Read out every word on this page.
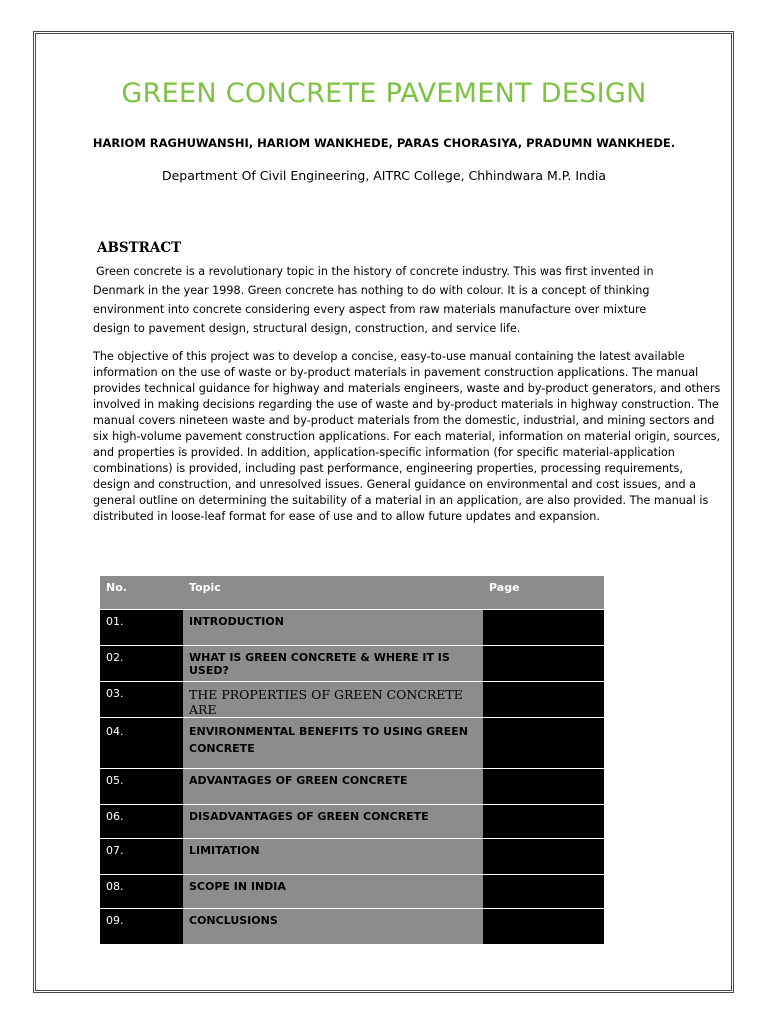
GREEN CONCRETE PAVEMENT DESIGN

HARIOM RAGHUWANSHI, HARIOM WANKHEDE, PARAS CHORASIYA, PRADUMN WANKHEDE.

Department Of Civil Engineering, AITRC College, Chhindwara M.P. India

ABSTRACT

Green concrete is a revolutionary topic in the history of concrete industry. This was first invented in Denmark in the year 1998. Green concrete has nothing to do with colour. It is a concept of thinking environment into concrete considering every aspect from raw materials manufacture over mixture design to pavement design, structural design, construction, and service life.

The objective of this project was to develop a concise, easy-to-use manual containing the latest available information on the use of waste or by-product materials in pavement construction applications. The manual provides technical guidance for highway and materials engineers, waste and by-product generators, and others involved in making decisions regarding the use of waste and by-product materials in highway construction. The manual covers nineteen waste and by-product materials from the domestic, industrial, and mining sectors and six high-volume pavement construction applications. For each material, information on material origin, sources, and properties is provided. In addition, application-specific information (for specific material-application combinations) is provided, including past performance, engineering properties, processing requirements, design and construction, and unresolved issues. General guidance on environmental and cost issues, and a general outline on determining the suitability of a material in an application, are also provided. The manual is distributed in loose-leaf format for ease of use and to allow future updates and expansion.

No.	Topic	Page
01.	INTRODUCTION	
02.	WHAT IS GREEN CONCRETE & WHERE IT IS USED?	
03.	THE PROPERTIES OF GREEN CONCRETE ARE	
04.	ENVIRONMENTAL BENEFITS TO USING GREEN CONCRETE	
05.	ADVANTAGES OF GREEN CONCRETE	
06.	DISADVANTAGES OF GREEN CONCRETE	
07.	LIMITATION	
08.	SCOPE IN INDIA	
09.	CONCLUSIONS	
